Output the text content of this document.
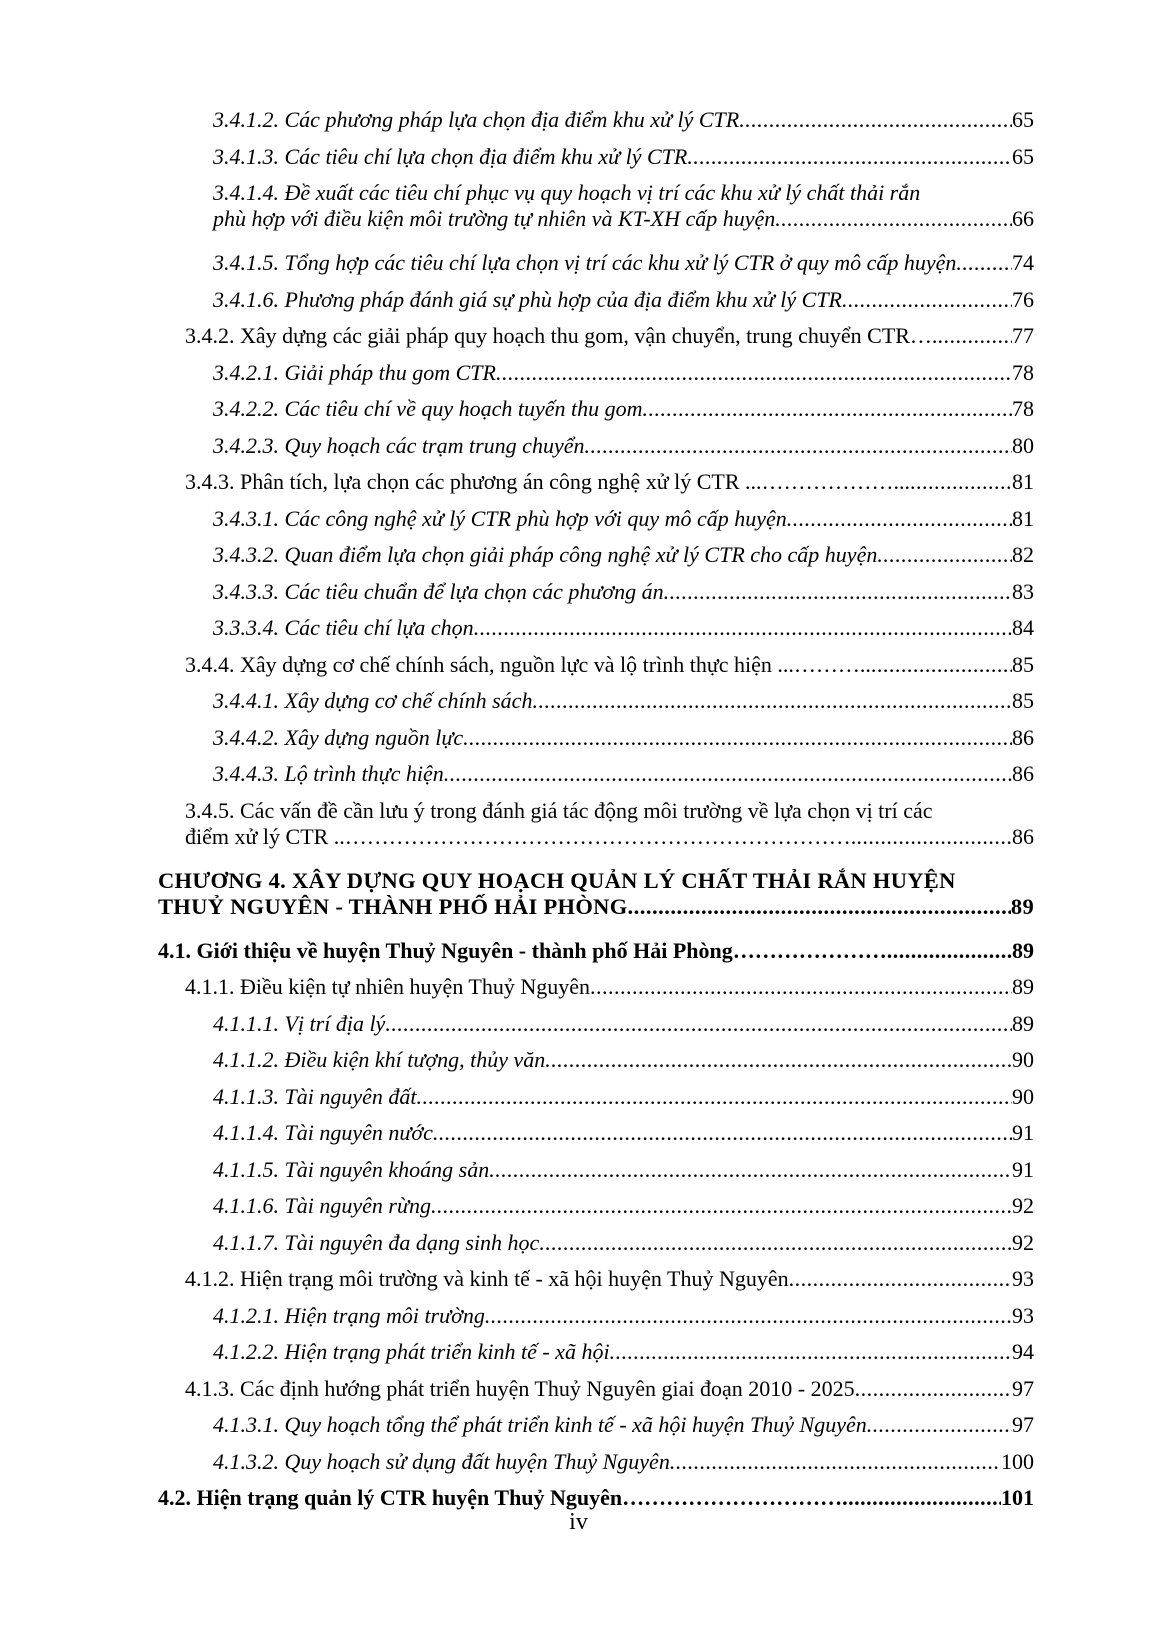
3.4.1.2. Các phương pháp lựa chọn địa điểm khu xử lý CTR .....	65
3.4.1.3. Các tiêu chí lựa chọn địa điểm khu xử lý CTR .....	65
3.4.1.4. Đề xuất các tiêu chí phục vụ quy hoạch vị trí các khu xử lý chất thải rắn
phù hợp với điều kiện môi trường tự nhiên và KT-XH cấp huyện .....	66
3.4.1.5. Tổng hợp các tiêu chí lựa chọn vị trí các khu xử lý CTR ở quy mô cấp huyện .....	74
3.4.1.6. Phương pháp đánh giá sự phù hợp của địa điểm khu xử lý CTR .....	76
3.4.2. Xây dựng các giải pháp quy hoạch thu gom, vận chuyển, trung chuyển CTR…. .....	77
3.4.2.1. Giải pháp thu gom CTR .....	78
3.4.2.2. Các tiêu chí về quy hoạch tuyến thu gom .....	78
3.4.2.3. Quy hoạch các trạm trung chuyển .....	80
3.4.3. Phân tích, lựa chọn các phương án công nghệ xử lý CTR ...………………... .....	81
3.4.3.1. Các công nghệ xử lý CTR phù hợp với quy mô cấp huyện .....	81
3.4.3.2. Quan điểm lựa chọn giải pháp công nghệ xử lý CTR cho cấp huyện .....	82
3.4.3.3. Các tiêu chuẩn để lựa chọn các phương án .....	83
3.3.3.4. Các tiêu chí lựa chọn .....	84
3.4.4. Xây dựng cơ chế chính sách, nguồn lực và lộ trình thực hiện ...……….. .....	85
3.4.4.1. Xây dựng cơ chế chính sách .....	85
3.4.4.2. Xây dựng nguồn lực .....	86
3.4.4.3. Lộ trình thực hiện .....	86
3.4.5. Các vấn đề cần lưu ý trong đánh giá tác động môi trường về lựa chọn vị trí các
điểm xử lý CTR ..……………………………………………………………. .....	86
CHƯƠNG 4. XÂY DỰNG QUY HOẠCH QUẢN LÝ CHẤT THẢI RẮN HUYỆN
THUỶ NGUYÊN - THÀNH PHỐ HẢI PHÒNG .....	89
4.1. Giới thiệu về huyện Thuỷ Nguyên - thành phố Hải Phòng………………… .....	89
4.1.1. Điều kiện tự nhiên huyện Thuỷ Nguyên .....	89
4.1.1.1. Vị trí địa lý .....	89
4.1.1.2. Điều kiện khí tượng, thủy văn .....	90
4.1.1.3. Tài nguyên đất .....	90
4.1.1.4. Tài nguyên nước .....	91
4.1.1.5. Tài nguyên khoáng sản .....	91
4.1.1.6. Tài nguyên rừng .....	92
4.1.1.7. Tài nguyên đa dạng sinh học .....	92
4.1.2. Hiện trạng môi trường và kinh tế - xã hội huyện Thuỷ Nguyên .....	93
4.1.2.1. Hiện trạng môi trường .....	93
4.1.2.2. Hiện trạng phát triển kinh tế - xã hội .....	94
4.1.3. Các định hướng phát triển huyện Thuỷ Nguyên giai đoạn 2010 - 2025 .....	97
4.1.3.1. Quy hoạch tổng thể phát triển kinh tế - xã hội huyện Thuỷ Nguyên .....	97
4.1.3.2. Quy hoạch sử dụng đất huyện Thuỷ Nguyên .....	100
4.2. Hiện trạng quản lý CTR huyện Thuỷ Nguyên………………………… .....	101
iv
